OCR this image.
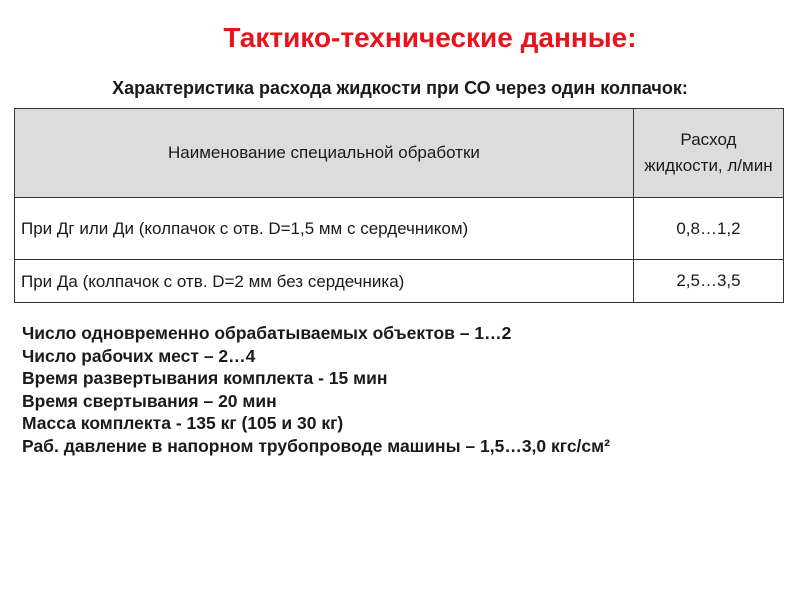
Тактико-технические данные:
Характеристика расхода жидкости при СО через один колпачок:
Наименование специальной обработки	Расход жидкости, л/мин
При Дг или Ди (колпачок с отв. D=1,5 мм с сердечником)	0,8…1,2
При Да (колпачок с отв. D=2 мм без сердечника)	2,5…3,5
Число одновременно обрабатываемых объектов – 1…2
Число рабочих мест – 2…4
Время развертывания комплекта - 15 мин
Время свертывания – 20 мин
Масса комплекта - 135 кг (105 и 30 кг)
Раб. давление в напорном трубопроводе машины – 1,5…3,0 кгс/см²
